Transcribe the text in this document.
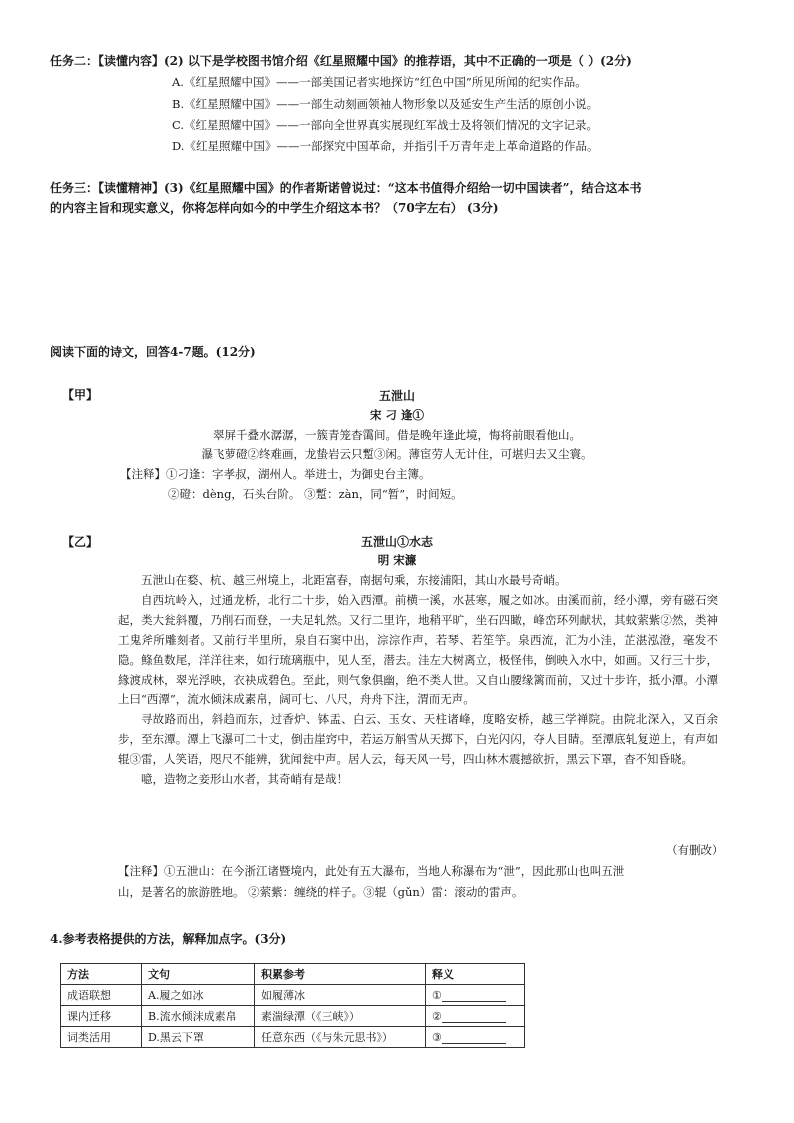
任务二：【读懂内容】(2) 以下是学校图书馆介绍《红星照耀中国》的推荐语，其中不正确的一项是（ ）(2分)
A.《红星照耀中国》——一部美国记者实地探访“红色中国”所见所闻的纪实作品。
B.《红星照耀中国》——一部生动刻画领袖人物形象以及延安生产生活的原创小说。
C.《红星照耀中国》——一部向全世界真实展现红军战士及将领们情况的文字记录。
D.《红星照耀中国》——一部探究中国革命，并指引千万青年走上革命道路的作品。
任务三：【读懂精神】(3)《红星照耀中国》的作者斯诺曾说过：“这本书值得介绍给一切中国读者”，结合这本书
的内容主旨和现实意义，你将怎样向如今的中学生介绍这本书？（70字左右） (3分)
阅读下面的诗文，回答4-7题。(12分)
【甲】	五泄山
宋 刁 逢①
翠屏千叠水潺潺，一簇青笼杳霭间。借是晚年逢此境，悔将前眼看他山。
瀑飞萝磴②终难画，龙蛰岩云只蹔③闲。薄宦劳人无计住，可堪归去又尘寰。
【注释】①刁逢：字孝叔，湖州人。举进士，为御史台主簿。
②磴：dèng，石头台阶。 ③蹔：zàn，同“暂”，时间短。
【乙】	五泄山①水志
明 宋濂

五泄山在婺、杭、越三州境上，北距富春，南据句乘，东接浦阳，其山水最号奇峭。

自西坑岭入，过通龙桥，北行二十步，始入西潭。前横一溪，水甚寒，履之如冰。由溪而前，经小潭，旁有磁石突起，类大瓮斜覆，乃削石而登，一夫足轧然。又行二里许，地稍平旷，坐石四瞰，峰峦环列献状，其蚊萦紫②然，类神工鬼斧所雕刻者。又前行半里所，泉自石窦中出，淙淙作声，若琴、若笙竽。泉西流，汇为小洼，芷湛泓澄，毫发不隐。鲦鱼数尾，洋洋往来，如行琉璃瓶中，见人至，潜去。洼左大树离立，极怪伟，倒映入水中，如画。又行三十步，緣渡成林，翠光浮映，衣袂成碧色。至此，则气象俱幽，绝不类人世。又自山腰缘篱而前，又过十步许，抵小潭。小潭上曰“西潭”，流水倾沫成素帛，阔可七、八尺，舟舟下注，渭而无声。

寻故路而出，斜趋而东，过香炉、钵盂、白云、玉女、天柱诸峰，度略安桥，越三学禅院。由院北深入，又百余步，至东潭。潭上飞瀑可二十丈，倒击崖窍中，若运万斛雪从天掷下，白光闪闪，夺人目睛。至潭底轧复逆上，有声如辊③雷，人笑语，咫尺不能辨，犹闻瓮中声。居人云，每天风一号，四山林木震撼欲折，黑云下罩，杳不知昏晓。

噫，造物之妾形山水者，其奇峭有是哉！

（有删改）
【注释】①五泄山：在今浙江诸暨境内，此处有五大瀑布，当地人称瀑布为“泄”，因此那山也叫五泄
山，是著名的旅游胜地。 ②萦紫：缠绕的样子。③辊（gǔn）雷：滚动的雷声。
4.参考表格提供的方法，解释加点字。(3分)
方法	文句	积累参考	释义
成语联想	A.履之如冰	如履薄冰	①
课内迁移	B.流水倾沫成素帛	素湍绿潭（《三峡》）	②
词类活用	D.黑云下罩	任意东西（《与朱元思书》）	③
